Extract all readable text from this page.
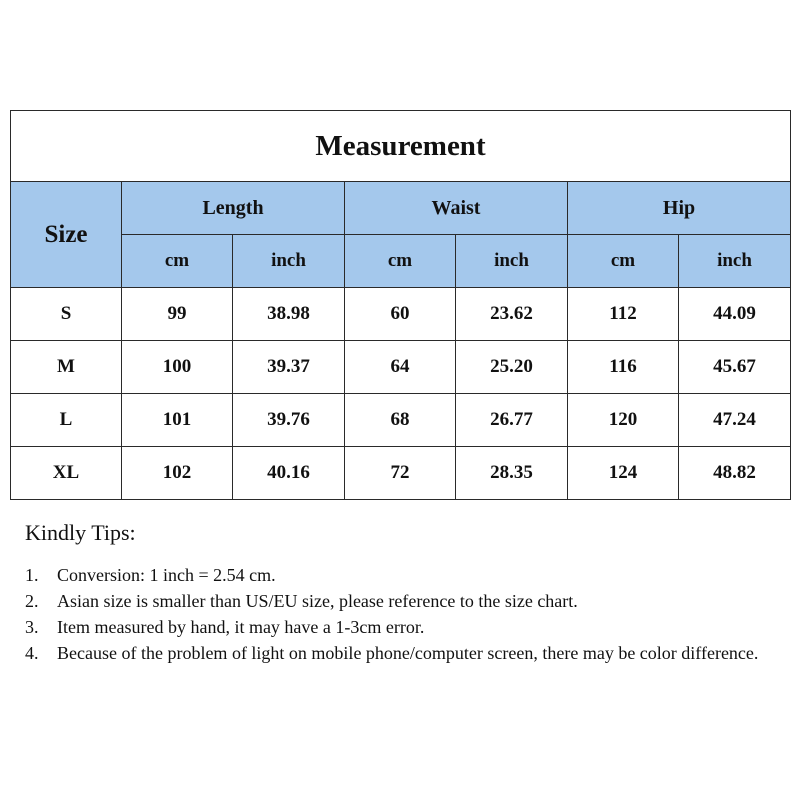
Measurement						
Size	Length		Waist		Hip	
	cm	inch	cm	inch	cm	inch
S	99	38.98	60	23.62	112	44.09
M	100	39.37	64	25.20	116	45.67
L	101	39.76	68	26.77	120	47.24
XL	102	40.16	72	28.35	124	48.82
Kindly Tips:
1.	Conversion: 1 inch = 2.54 cm.
2.	Asian size is smaller than US/EU size, please reference to the size chart.
3.	Item measured by hand, it may have a 1-3cm error.
4.	Because of the problem of light on mobile phone/computer screen, there may be color difference.
